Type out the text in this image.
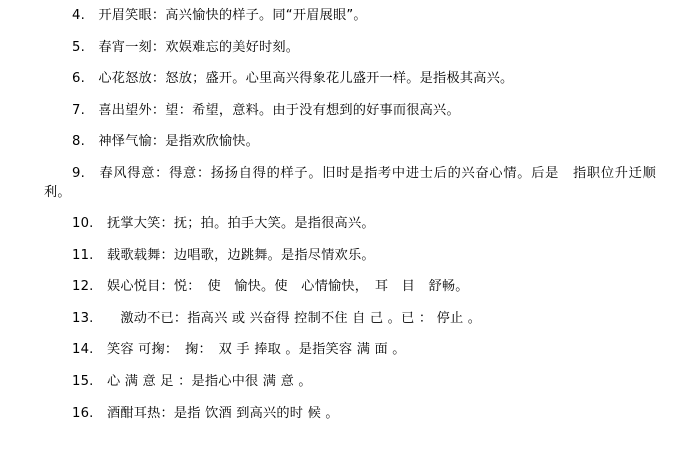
4.　 开眉笑眼：高兴愉快的样子。同“开眉展眼”。

5.　 春宵一刻：欢娱难忘的美好时刻。

6.　 心花怒放：怒放；盛开。心里高兴得象花儿盛开一样。是指极其高兴。

7.　 喜出望外：望：希望，意料。由于没有想到的好事而很高兴。

8.　 神怿气愉：是指欢欣愉快。

9.　 春风得意：得意：扬扬自得的样子。旧时是指考中进士后的兴奋心情。后是　指职位升迁顺利。

10.　 抚掌大笑：抚；拍。拍手大笑。是指很高兴。

11.　 载歌载舞：边唱歌，边跳舞。是指尽情欢乐。

12.　 娱心悦目：悦：　使　愉快。使　心情愉快，　耳　目　舒畅。

13.　　激动不已：指高兴 或 兴奋得 控制不住 自 己 。已 ： 停止 。

14.　 笑容 可掬：　掬：　双 手 捧取 。是指笑容 满 面 。

15.　 心 满 意 足 ：是指心中很 满 意 。

16.　 酒酣耳热：是指 饮酒 到高兴的时 候 。
